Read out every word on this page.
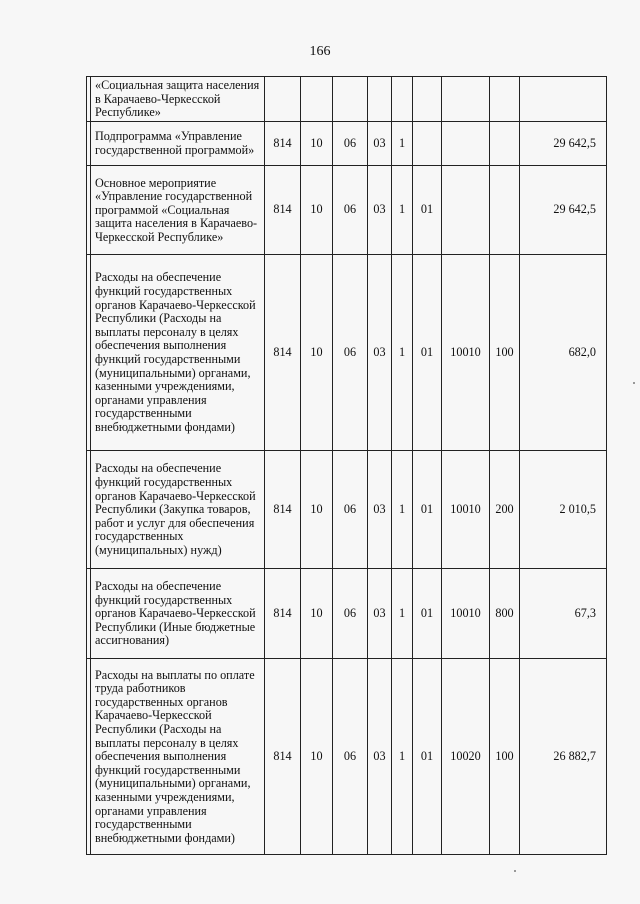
166
	«Социальная защита населения в Карачаево-Черкесской Республике»									
	Подпрограмма «Управление государственной программой»	814	10	06	03	1				29 642,5
	Основное мероприятие «Управление государственной программой «Социальная защита населения в Карачаево-Черкесской Республике»	814	10	06	03	1	01			29 642,5
	Расходы на обеспечение функций государственных органов Карачаево-Черкесской Республики (Расходы на выплаты персоналу в целях обеспечения выполнения функций государственными (муниципальными) органами, казенными учреждениями, органами управления государственными внебюджетными фондами)	814	10	06	03	1	01	10010	100	682,0
	Расходы на обеспечение функций государственных органов Карачаево-Черкесской Республики (Закупка товаров, работ и услуг для обеспечения государственных (муниципальных) нужд)	814	10	06	03	1	01	10010	200	2 010,5
	Расходы на обеспечение функций государственных органов Карачаево-Черкесской Республики (Иные бюджетные ассигнования)	814	10	06	03	1	01	10010	800	67,3
	Расходы на выплаты по оплате труда работников государственных органов Карачаево-Черкесской Республики (Расходы на выплаты персоналу в целях обеспечения выполнения функций государственными (муниципальными) органами, казенными учреждениями, органами управления государственными внебюджетными фондами)	814	10	06	03	1	01	10020	100	26 882,7
